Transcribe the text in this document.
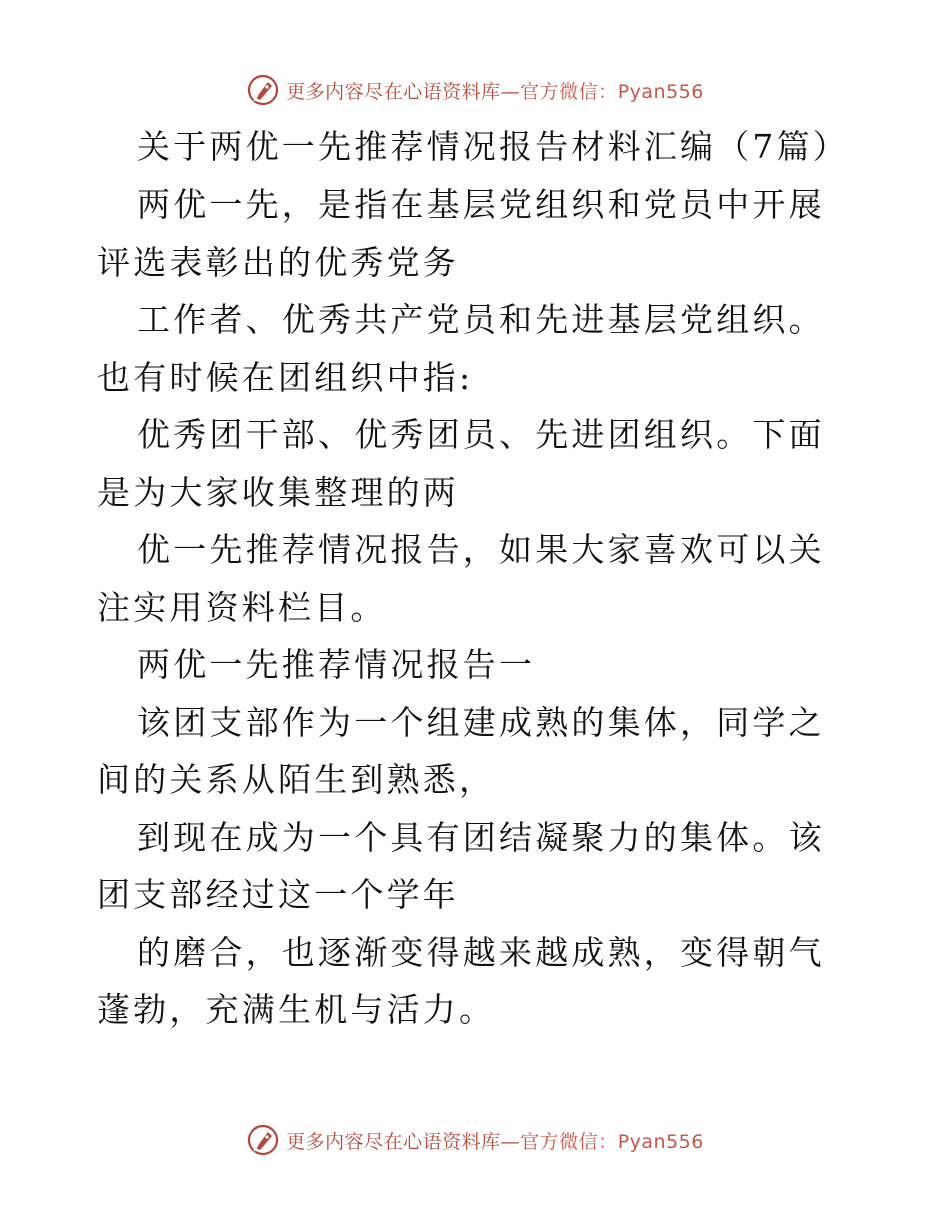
更多内容尽在心语资料库—官方微信：Pyan556

关于两优一先推荐情况报告材料汇编（7篇）

两优一先，是指在基层党组织和党员中开展评选表彰出的优秀党务

工作者、优秀共产党员和先进基层党组织。也有时候在团组织中指:

优秀团干部、优秀团员、先进团组织。下面是为大家收集整理的两

优一先推荐情况报告，如果大家喜欢可以关注实用资料栏目。

两优一先推荐情况报告一

该团支部作为一个组建成熟的集体，同学之间的关系从陌生到熟悉，

到现在成为一个具有团结凝聚力的集体。该团支部经过这一个学年

的磨合，也逐渐变得越来越成熟，变得朝气蓬勃，充满生机与活力。

更多内容尽在心语资料库—官方微信：Pyan556
